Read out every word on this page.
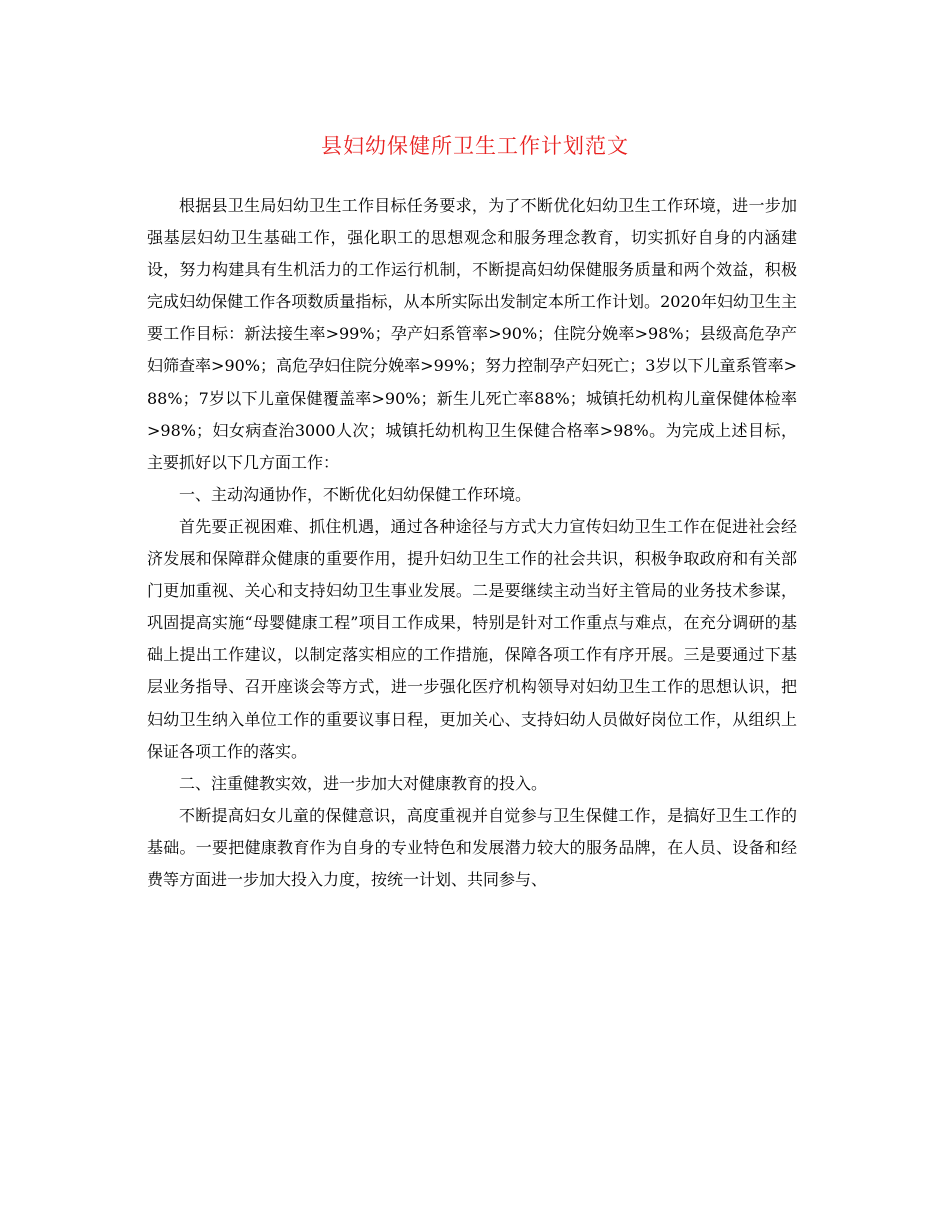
县妇幼保健所卫生工作计划范文

根据县卫生局妇幼卫生工作目标任务要求，为了不断优化妇幼卫生工作环境，进一步加强基层妇幼卫生基础工作，强化职工的思想观念和服务理念教育，切实抓好自身的内涵建设，努力构建具有生机活力的工作运行机制，不断提高妇幼保健服务质量和两个效益，积极完成妇幼保健工作各项数质量指标，从本所实际出发制定本所工作计划。2020年妇幼卫生主要工作目标：新法接生率>99%；孕产妇系管率>90%；住院分娩率>98%；县级高危孕产妇筛查率>90%；高危孕妇住院分娩率>99%；努力控制孕产妇死亡；3岁以下儿童系管率>88%；7岁以下儿童保健覆盖率>90%；新生儿死亡率88%；城镇托幼机构儿童保健体检率>98%；妇女病查治3000人次；城镇托幼机构卫生保健合格率>98%。为完成上述目标，主要抓好以下几方面工作：

一、主动沟通协作，不断优化妇幼保健工作环境。

首先要正视困难、抓住机遇，通过各种途径与方式大力宣传妇幼卫生工作在促进社会经济发展和保障群众健康的重要作用，提升妇幼卫生工作的社会共识，积极争取政府和有关部门更加重视、关心和支持妇幼卫生事业发展。二是要继续主动当好主管局的业务技术参谋，巩固提高实施“母婴健康工程”项目工作成果，特别是针对工作重点与难点，在充分调研的基础上提出工作建议，以制定落实相应的工作措施，保障各项工作有序开展。三是要通过下基层业务指导、召开座谈会等方式，进一步强化医疗机构领导对妇幼卫生工作的思想认识，把妇幼卫生纳入单位工作的重要议事日程，更加关心、支持妇幼人员做好岗位工作，从组织上保证各项工作的落实。

二、注重健教实效，进一步加大对健康教育的投入。

不断提高妇女儿童的保健意识，高度重视并自觉参与卫生保健工作，是搞好卫生工作的基础。一要把健康教育作为自身的专业特色和发展潜力较大的服务品牌，在人员、设备和经费等方面进一步加大投入力度，按统一计划、共同参与、
